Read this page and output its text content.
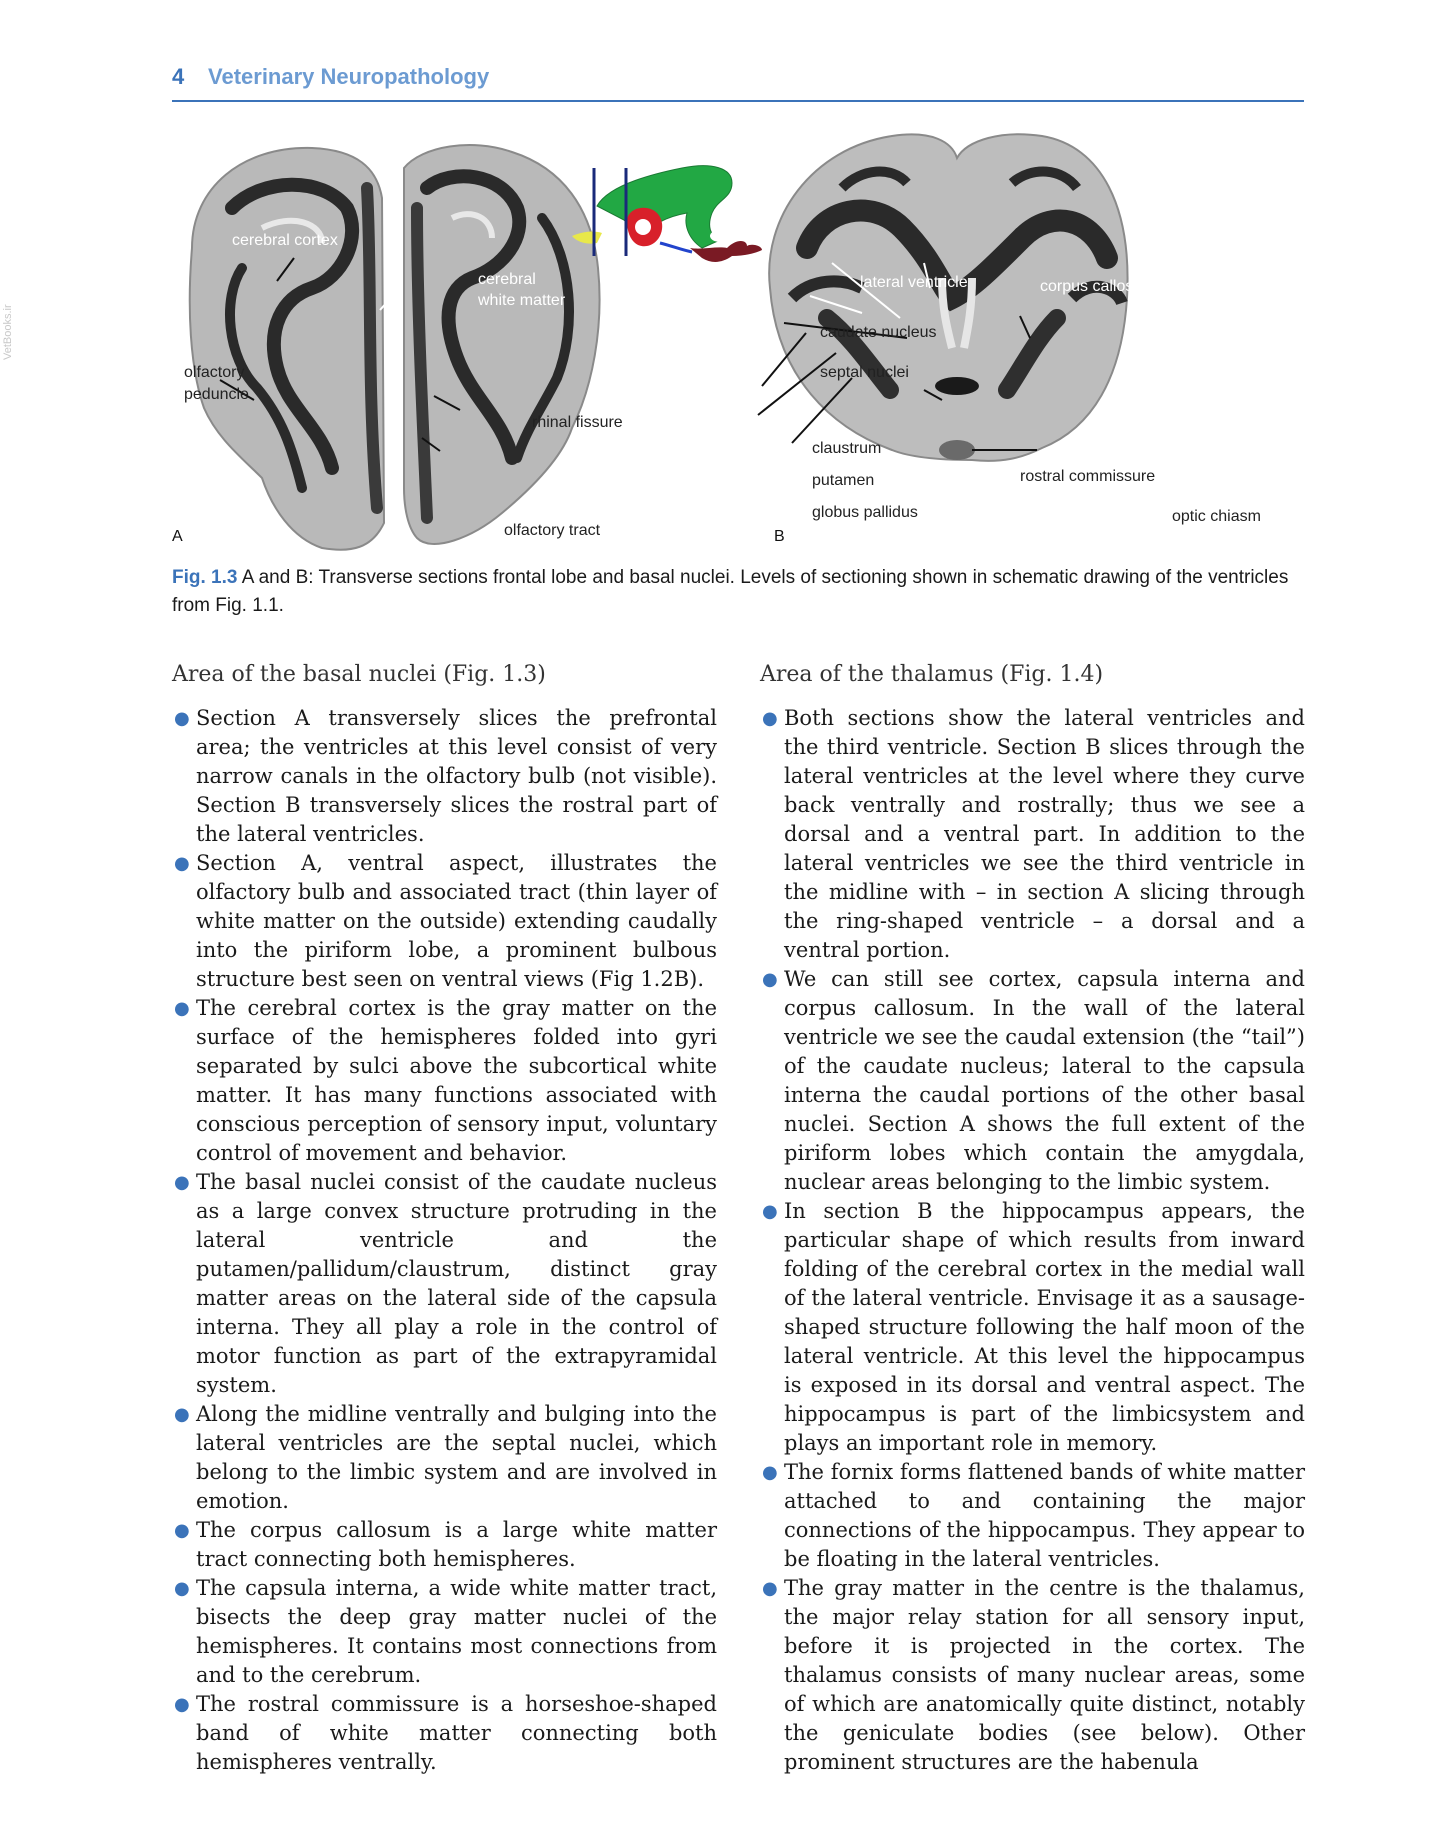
4 Veterinary Neuropathology
VetBooks.ir
A	B
cerebral cortex
cerebral
white matter
olfactory
peduncle
rhinal fissure
olfactory tract
lateral ventricle	corpus callosum
caudate nucleus
septal nuclei
capsula interna
claustrum
putamen
globus pallidus
rostral commissure
optic chiasm
Fig. 1.3 A and B: Transverse sections frontal lobe and basal nuclei. Levels of sectioning shown in schematic drawing of the ventricles from Fig. 1.1.
Area of the basal nuclei (Fig. 1.3)
● Section A transversely slices the prefrontal area; the ventricles at this level consist of very narrow canals in the olfactory bulb (not visible). Section B transversely slices the rostral part of the lateral ventricles.
● Section A, ventral aspect, illustrates the olfactory bulb and associated tract (thin layer of white matter on the outside) extending caudally into the piriform lobe, a prominent bulbous structure best seen on ventral views (Fig 1.2B).
● The cerebral cortex is the gray matter on the surface of the hemispheres folded into gyri separated by sulci above the subcortical white matter. It has many functions associated with conscious perception of sensory input, voluntary control of movement and behavior.
● The basal nuclei consist of the caudate nucleus as a large convex structure protruding in the lateral ventricle and the putamen/pallidum/claustrum, distinct gray matter areas on the lateral side of the capsula interna. They all play a role in the control of motor function as part of the extrapyramidal system.
● Along the midline ventrally and bulging into the lateral ventricles are the septal nuclei, which belong to the limbic system and are involved in emotion.
● The corpus callosum is a large white matter tract connecting both hemispheres.
● The capsula interna, a wide white matter tract, bisects the deep gray matter nuclei of the hemispheres. It contains most connections from and to the cerebrum.
● The rostral commissure is a horseshoe-shaped band of white matter connecting both hemispheres ventrally.
Area of the thalamus (Fig. 1.4)
● Both sections show the lateral ventricles and the third ventricle. Section B slices through the lateral ventricles at the level where they curve back ventrally and rostrally; thus we see a dorsal and a ventral part. In addition to the lateral ventricles we see the third ventricle in the midline with – in section A slicing through the ring-shaped ventricle – a dorsal and a ventral portion.
● We can still see cortex, capsula interna and corpus callosum. In the wall of the lateral ventricle we see the caudal extension (the “tail”) of the caudate nucleus; lateral to the capsula interna the caudal portions of the other basal nuclei. Section A shows the full extent of the piriform lobes which contain the amygdala, nuclear areas belonging to the limbic system.
● In section B the hippocampus appears, the particular shape of which results from inward folding of the cerebral cortex in the medial wall of the lateral ventricle. Envisage it as a sausage-shaped structure following the half moon of the lateral ventricle. At this level the hippocampus is exposed in its dorsal and ventral aspect. The hippocampus is part of the limbicsystem and plays an important role in memory.
● The fornix forms flattened bands of white matter attached to and containing the major connections of the hippocampus. They appear to be floating in the lateral ventricles.
● The gray matter in the centre is the thalamus, the major relay station for all sensory input, before it is projected in the cortex. The thalamus consists of many nuclear areas, some of which are anatomically quite distinct, notably the geniculate bodies (see below). Other prominent structures are the habenula
